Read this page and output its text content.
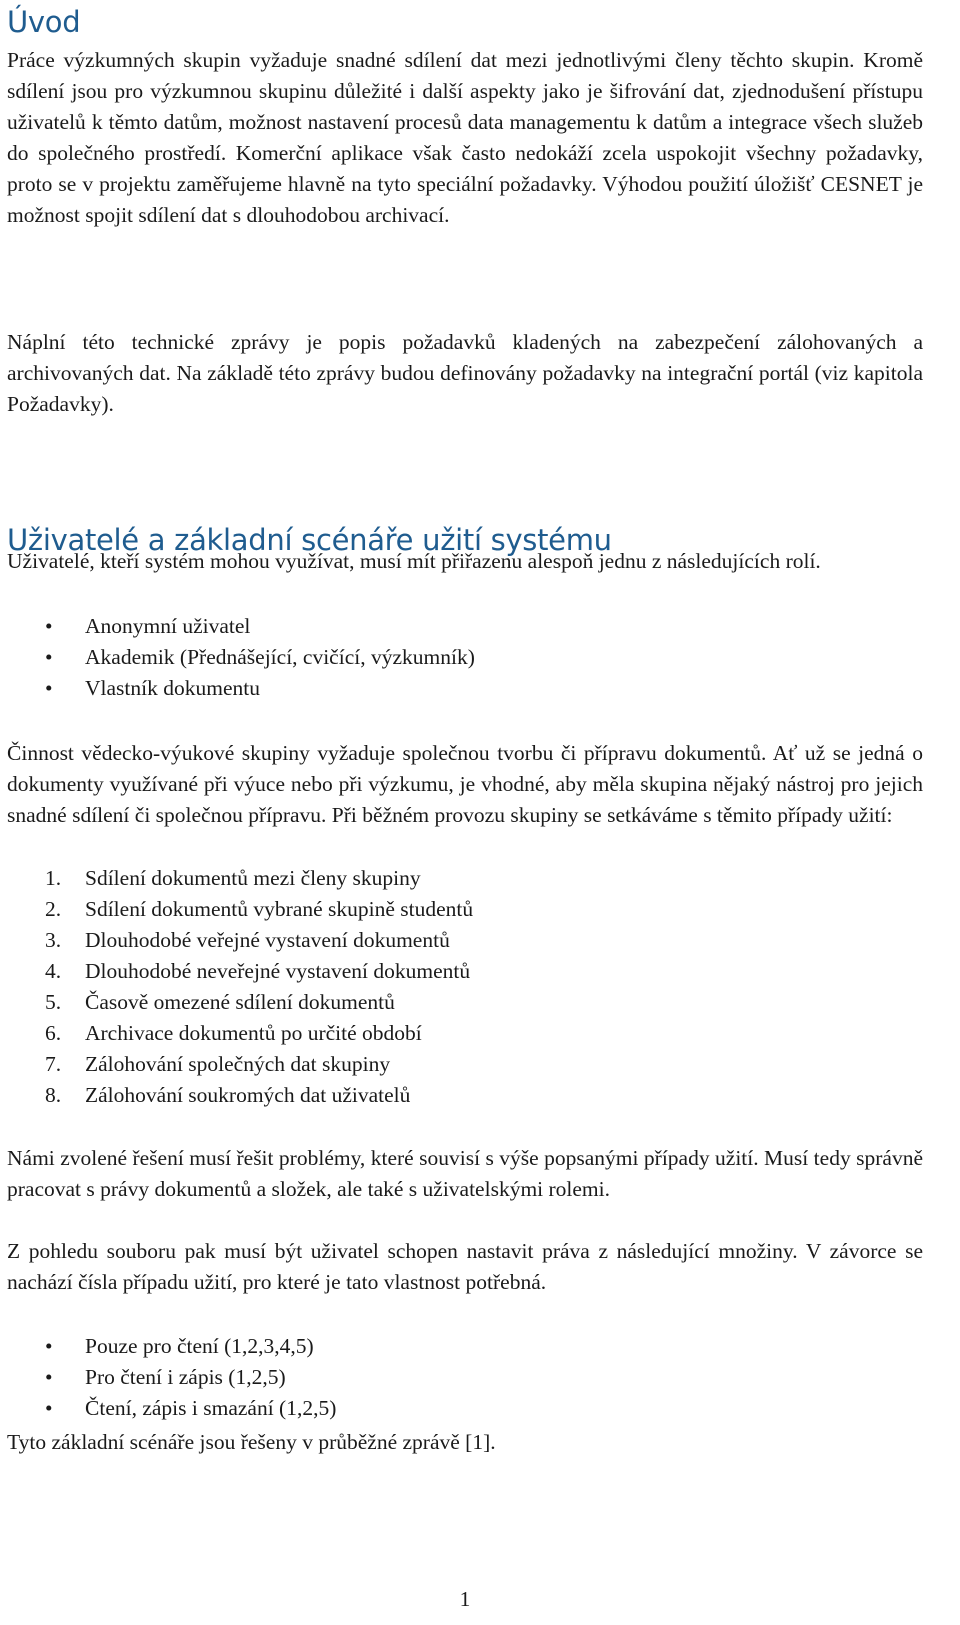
Úvod

Práce výzkumných skupin vyžaduje snadné sdílení dat mezi jednotlivými členy těchto skupin. Kromě sdílení jsou pro výzkumnou skupinu důležité i další aspekty jako je šifrování dat, zjednodušení přístupu uživatelů k těmto datům, možnost nastavení procesů data managementu k datům a integrace všech služeb do společného prostředí. Komerční aplikace však často nedokáží zcela uspokojit všechny požadavky, proto se v projektu zaměřujeme hlavně na tyto speciální požadavky. Výhodou použití úložišť CESNET je možnost spojit sdílení dat s dlouhodobou archivací.

Náplní této technické zprávy je popis požadavků kladených na zabezpečení zálohovaných a archivovaných dat. Na základě této zprávy budou definovány požadavky na integrační portál (viz kapitola Požadavky).

Uživatelé a základní scénáře užití systému

Uživatelé, kteří systém mohou využívat, musí mít přiřazenu alespoň jednu z následujících rolí.

• Anonymní uživatel
• Akademik (Přednášející, cvičící, výzkumník)
• Vlastník dokumentu

Činnost vědecko-výukové skupiny vyžaduje společnou tvorbu či přípravu dokumentů. Ať už se jedná o dokumenty využívané při výuce nebo při výzkumu, je vhodné, aby měla skupina nějaký nástroj pro jejich snadné sdílení či společnou přípravu. Při běžném provozu skupiny se setkáváme s těmito případy užití:

1.	Sdílení dokumentů mezi členy skupiny
2.	Sdílení dokumentů vybrané skupině studentů
3.	Dlouhodobé veřejné vystavení dokumentů
4.	Dlouhodobé neveřejné vystavení dokumentů
5.	Časově omezené sdílení dokumentů
6.	Archivace dokumentů po určité období
7.	Zálohování společných dat skupiny
8.	Zálohování soukromých dat uživatelů

Námi zvolené řešení musí řešit problémy, které souvisí s výše popsanými případy užití. Musí tedy správně pracovat s právy dokumentů a složek, ale také s uživatelskými rolemi.

Z pohledu souboru pak musí být uživatel schopen nastavit práva z následující množiny. V závorce se nachází čísla případu užití, pro které je tato vlastnost potřebná.

• Pouze pro čtení (1,2,3,4,5)
• Pro čtení i zápis (1,2,5)
• Čtení, zápis i smazání (1,2,5)

Tyto základní scénáře jsou řešeny v průběžné zprávě [1].

1
